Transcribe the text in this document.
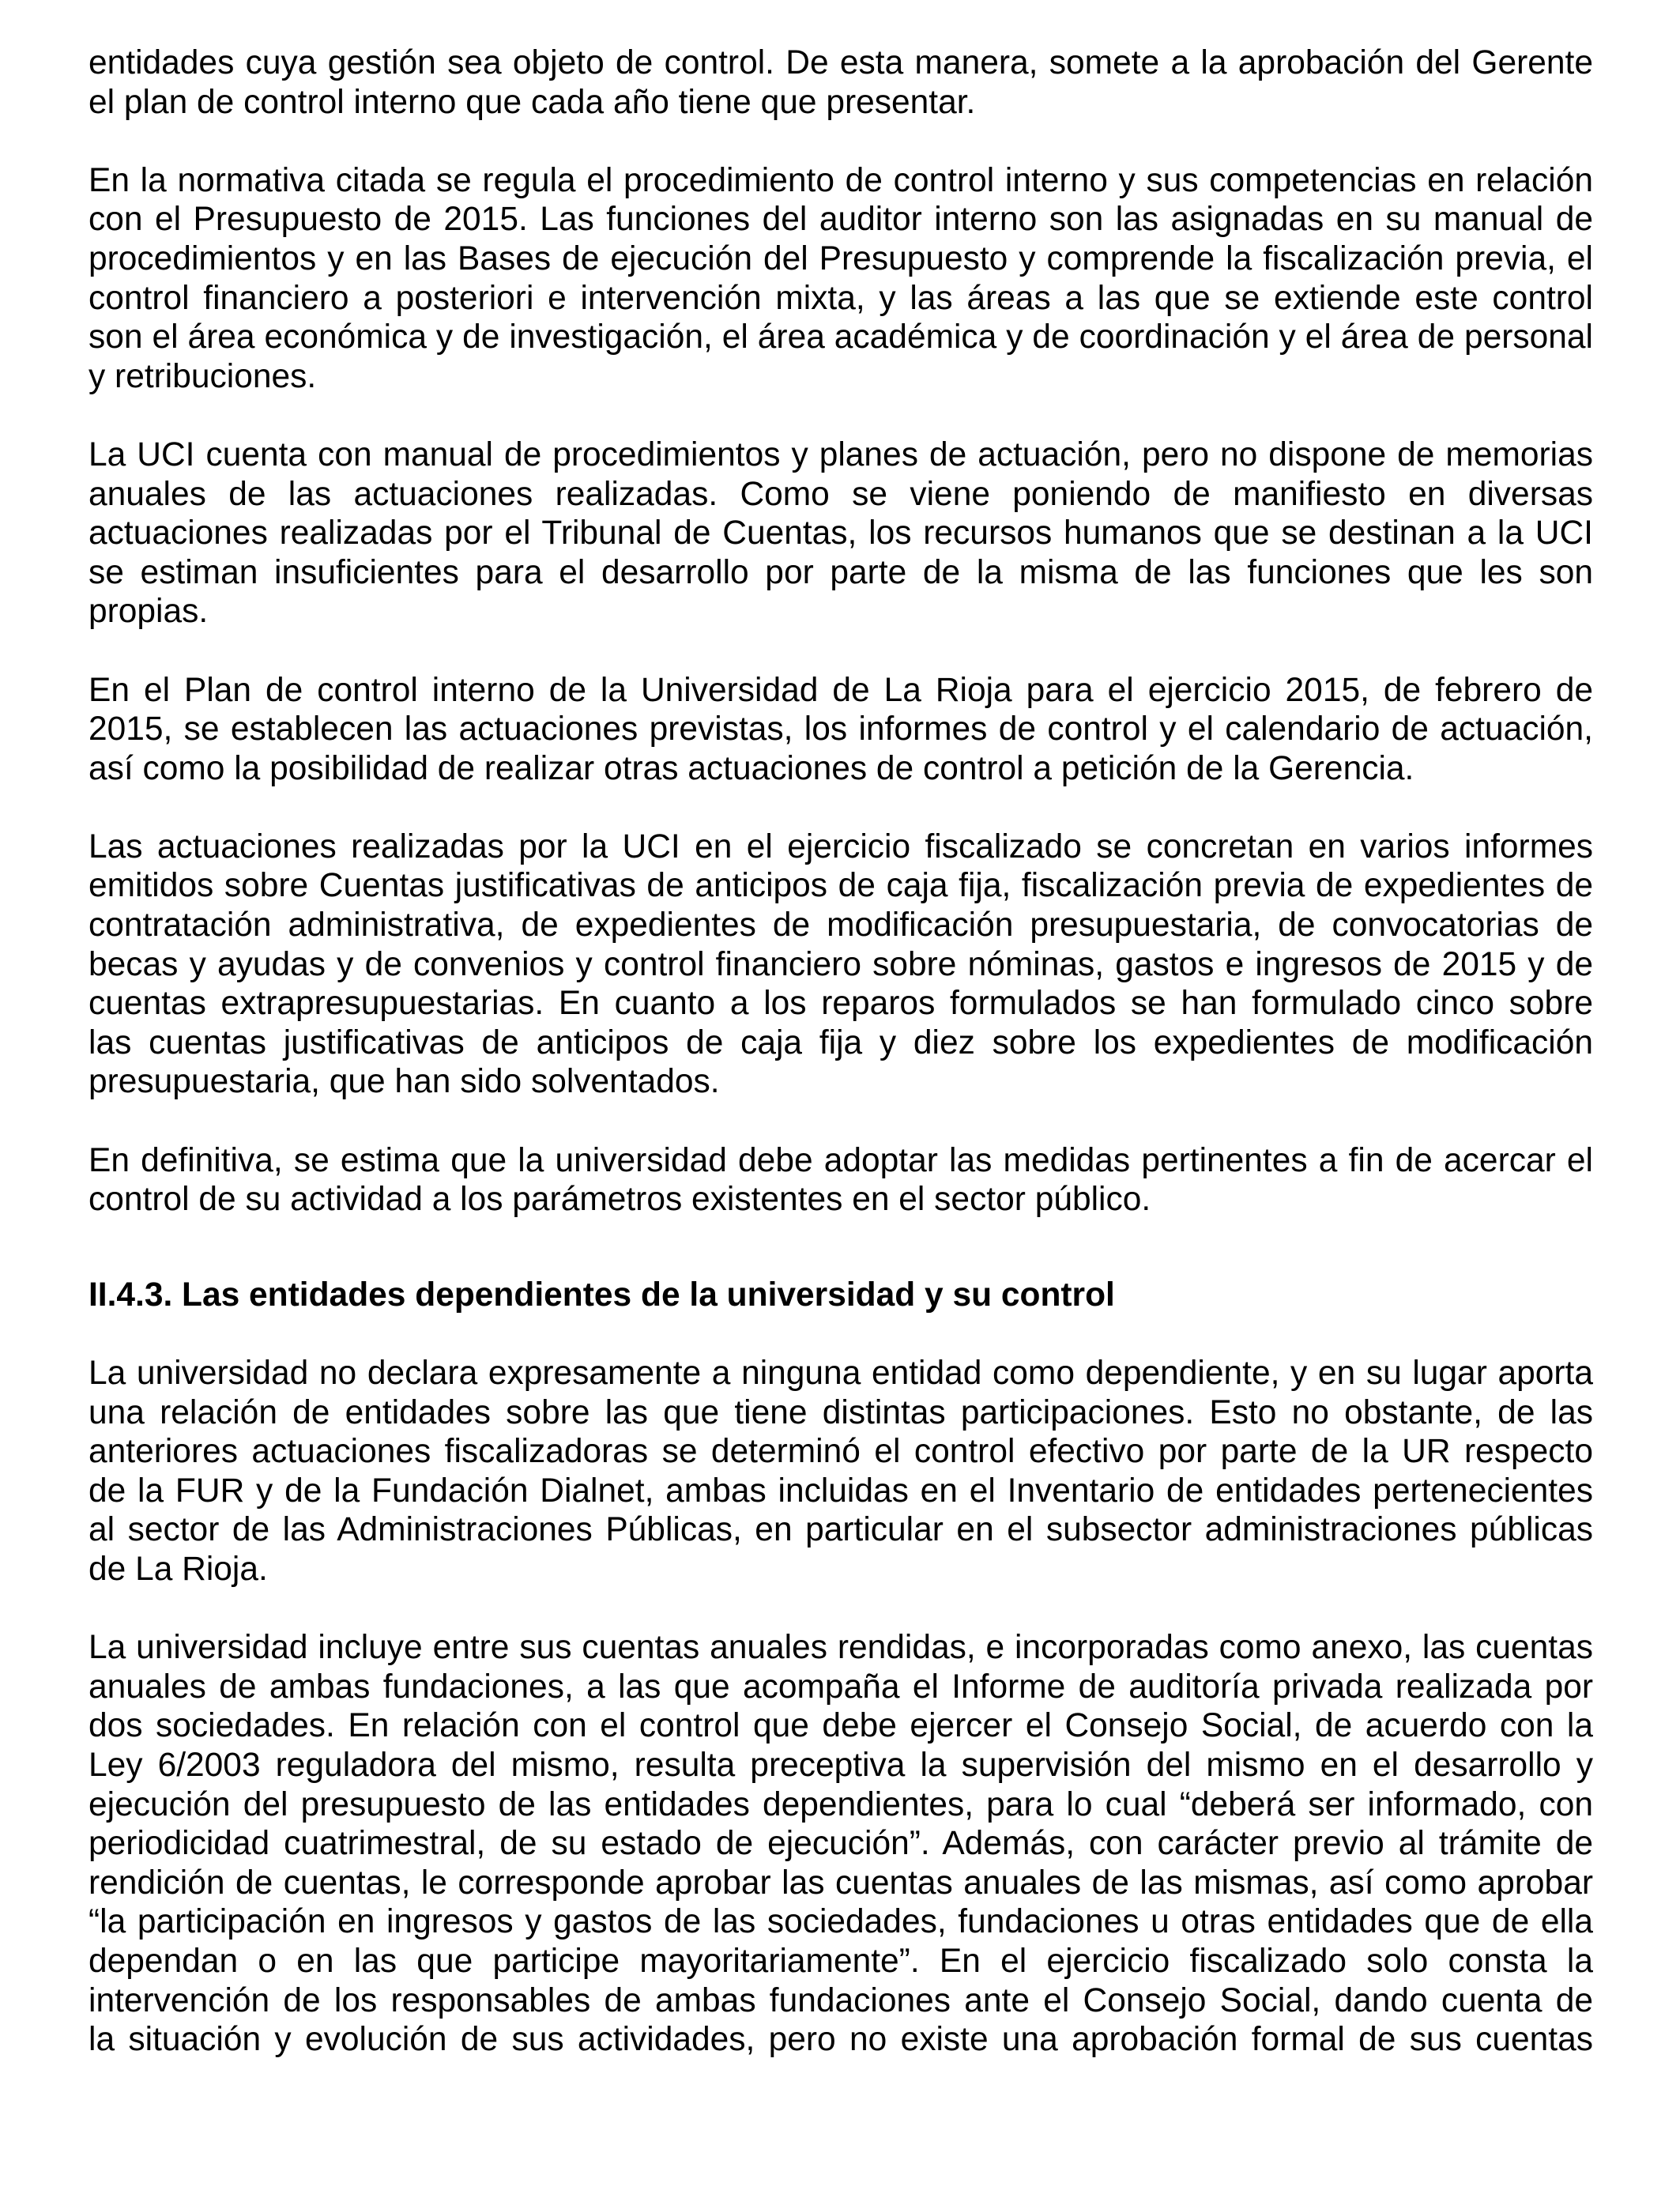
entidades cuya gestión sea objeto de control. De esta manera, somete a la aprobación del Gerente
el plan de control interno que cada año tiene que presentar.
En la normativa citada se regula el procedimiento de control interno y sus competencias en relación
con el Presupuesto de 2015. Las funciones del auditor interno son las asignadas en su manual de
procedimientos y en las Bases de ejecución del Presupuesto y comprende la fiscalización previa, el
control financiero a posteriori e intervención mixta, y las áreas a las que se extiende este control
son el área económica y de investigación, el área académica y de coordinación y el área de personal
y retribuciones.
La UCI cuenta con manual de procedimientos y planes de actuación, pero no dispone de memorias
anuales de las actuaciones realizadas. Como se viene poniendo de manifiesto en diversas
actuaciones realizadas por el Tribunal de Cuentas, los recursos humanos que se destinan a la UCI
se estiman insuficientes para el desarrollo por parte de la misma de las funciones que les son
propias.
En el Plan de control interno de la Universidad de La Rioja para el ejercicio 2015, de febrero de
2015, se establecen las actuaciones previstas, los informes de control y el calendario de actuación,
así como la posibilidad de realizar otras actuaciones de control a petición de la Gerencia.
Las actuaciones realizadas por la UCI en el ejercicio fiscalizado se concretan en varios informes
emitidos sobre Cuentas justificativas de anticipos de caja fija, fiscalización previa de expedientes de
contratación administrativa, de expedientes de modificación presupuestaria, de convocatorias de
becas y ayudas y de convenios y control financiero sobre nóminas, gastos e ingresos de 2015 y de
cuentas extrapresupuestarias. En cuanto a los reparos formulados se han formulado cinco sobre
las cuentas justificativas de anticipos de caja fija y diez sobre los expedientes de modificación
presupuestaria, que han sido solventados.
En definitiva, se estima que la universidad debe adoptar las medidas pertinentes a fin de acercar el
control de su actividad a los parámetros existentes en el sector público.
II.4.3. Las entidades dependientes de la universidad y su control
La universidad no declara expresamente a ninguna entidad como dependiente, y en su lugar aporta
una relación de entidades sobre las que tiene distintas participaciones. Esto no obstante, de las
anteriores actuaciones fiscalizadoras se determinó el control efectivo por parte de la UR respecto
de la FUR y de la Fundación Dialnet, ambas incluidas en el Inventario de entidades pertenecientes
al sector de las Administraciones Públicas, en particular en el subsector administraciones públicas
de La Rioja.
La universidad incluye entre sus cuentas anuales rendidas, e incorporadas como anexo, las cuentas
anuales de ambas fundaciones, a las que acompaña el Informe de auditoría privada realizada por
dos sociedades. En relación con el control que debe ejercer el Consejo Social, de acuerdo con la
Ley 6/2003 reguladora del mismo, resulta preceptiva la supervisión del mismo en el desarrollo y
ejecución del presupuesto de las entidades dependientes, para lo cual “deberá ser informado, con
periodicidad cuatrimestral, de su estado de ejecución”. Además, con carácter previo al trámite de
rendición de cuentas, le corresponde aprobar las cuentas anuales de las mismas, así como aprobar
“la participación en ingresos y gastos de las sociedades, fundaciones u otras entidades que de ella
dependan o en las que participe mayoritariamente”. En el ejercicio fiscalizado solo consta la
intervención de los responsables de ambas fundaciones ante el Consejo Social, dando cuenta de
la situación y evolución de sus actividades, pero no existe una aprobación formal de sus cuentas
